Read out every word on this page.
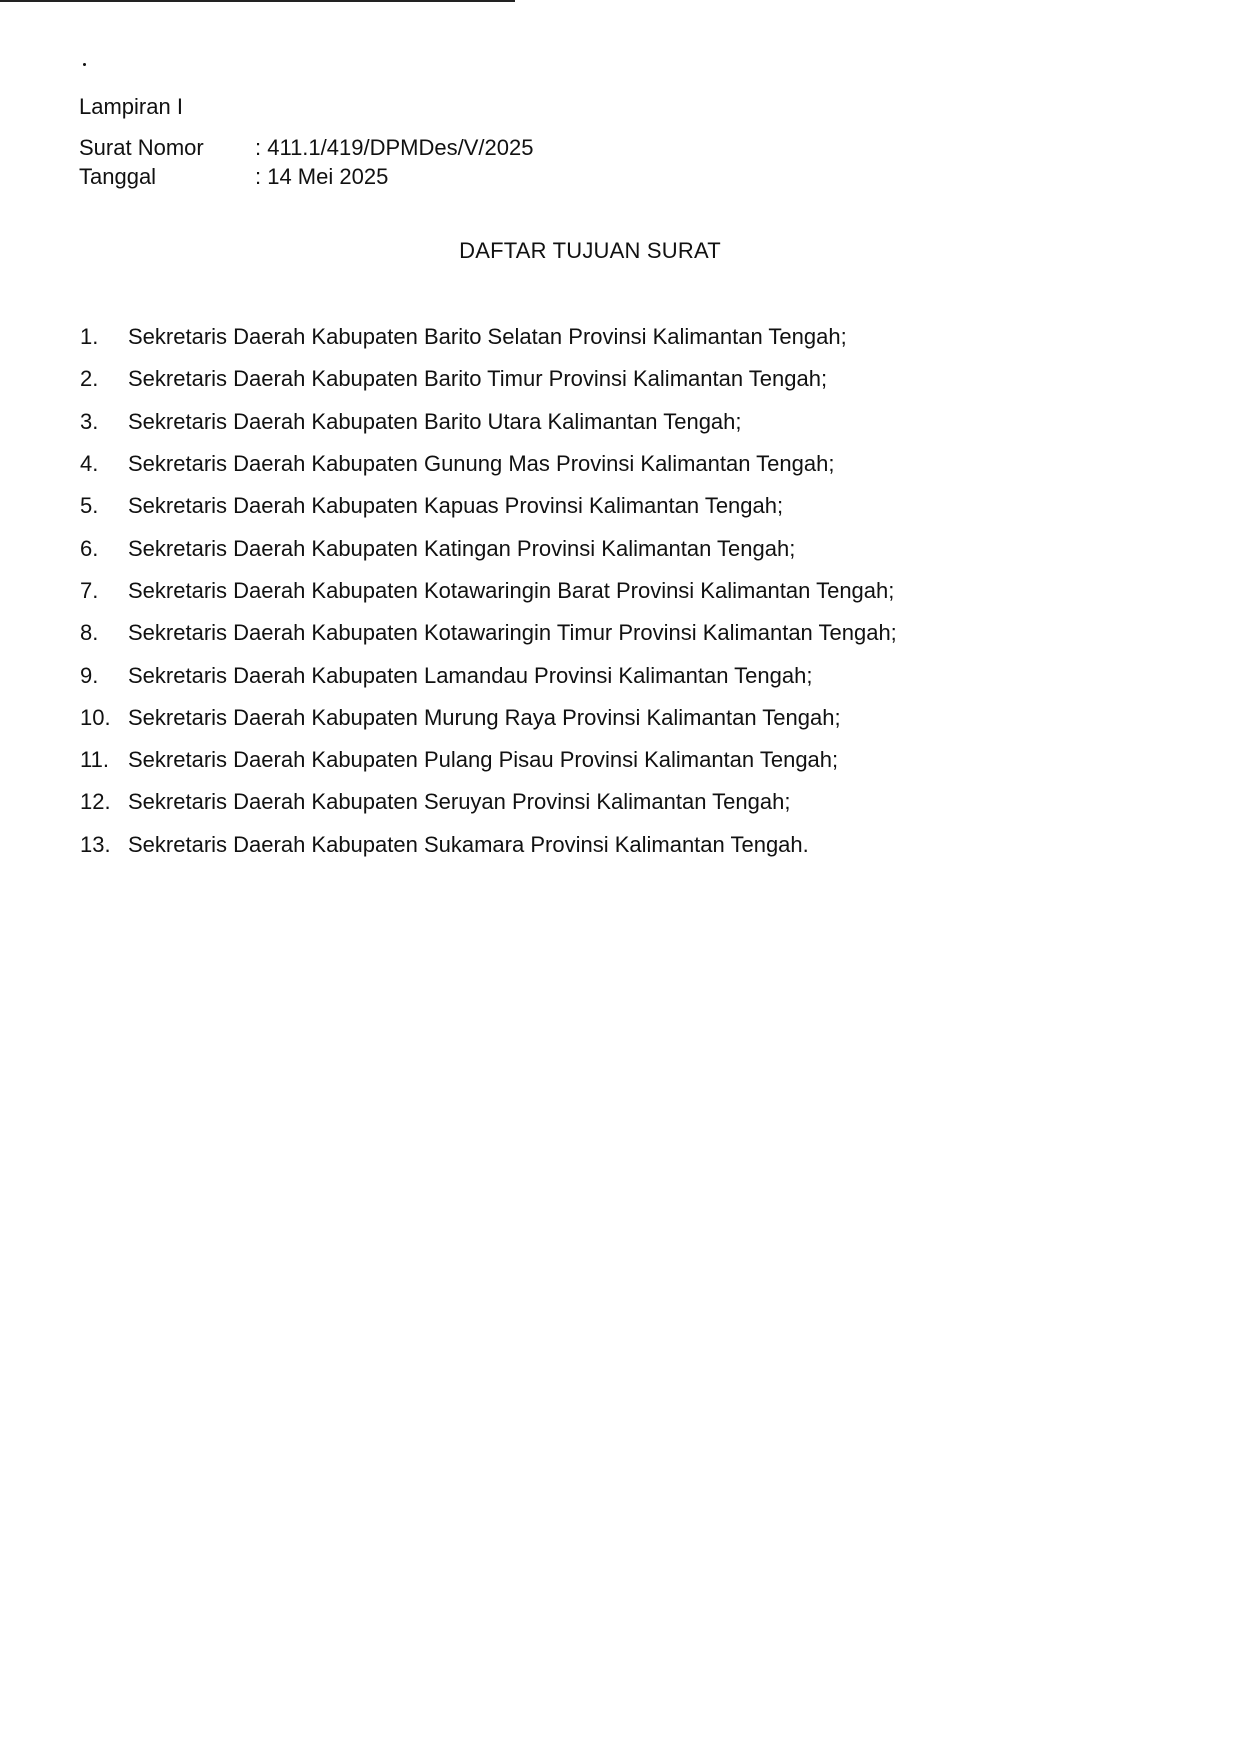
Lampiran I
Surat Nomor	: 411.1/419/DPMDes/V/2025
Tanggal	: 14 Mei 2025
DAFTAR TUJUAN SURAT
1.	Sekretaris Daerah Kabupaten Barito Selatan Provinsi Kalimantan Tengah;
2.	Sekretaris Daerah Kabupaten Barito Timur Provinsi Kalimantan Tengah;
3.	Sekretaris Daerah Kabupaten Barito Utara Kalimantan Tengah;
4.	Sekretaris Daerah Kabupaten Gunung Mas Provinsi Kalimantan Tengah;
5.	Sekretaris Daerah Kabupaten Kapuas Provinsi Kalimantan Tengah;
6.	Sekretaris Daerah Kabupaten Katingan Provinsi Kalimantan Tengah;
7.	Sekretaris Daerah Kabupaten Kotawaringin Barat Provinsi Kalimantan Tengah;
8.	Sekretaris Daerah Kabupaten Kotawaringin Timur Provinsi Kalimantan Tengah;
9.	Sekretaris Daerah Kabupaten Lamandau Provinsi Kalimantan Tengah;
10. Sekretaris Daerah Kabupaten Murung Raya Provinsi Kalimantan Tengah;
11. Sekretaris Daerah Kabupaten Pulang Pisau Provinsi Kalimantan Tengah;
12. Sekretaris Daerah Kabupaten Seruyan Provinsi Kalimantan Tengah;
13. Sekretaris Daerah Kabupaten Sukamara Provinsi Kalimantan Tengah.
